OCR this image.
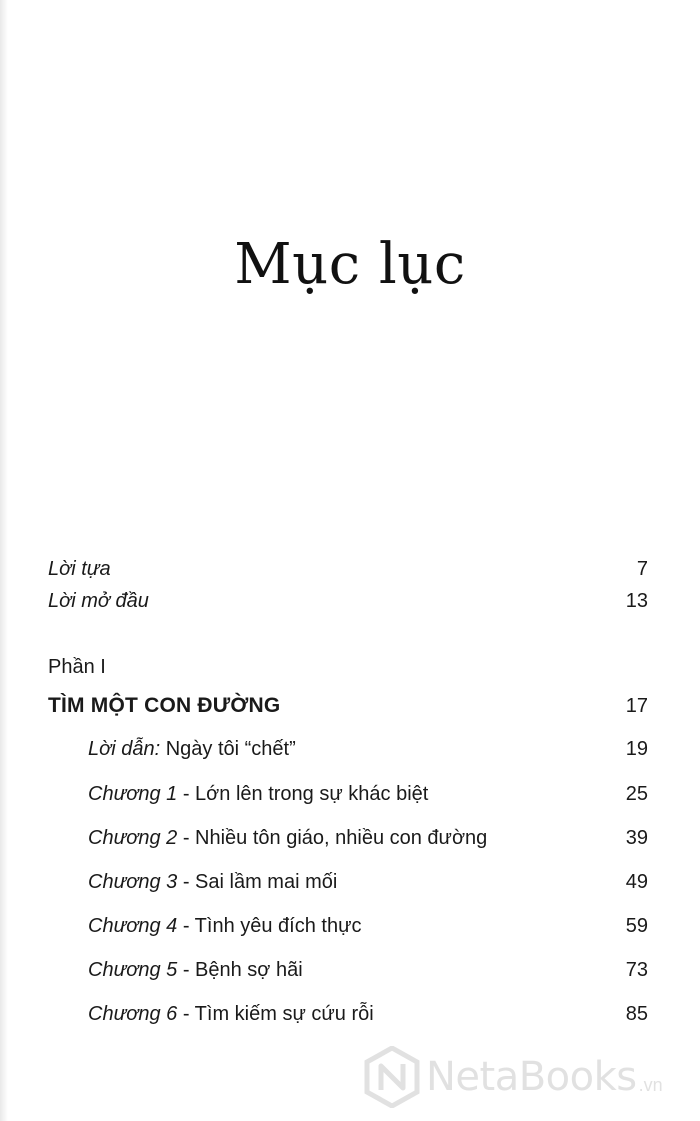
Mục lục
Lời tựa	7
Lời mở đầu	13
Phần I
TÌM MỘT CON ĐƯỜNG	17
Lời dẫn: Ngày tôi “chết”	19
Chương 1 - Lớn lên trong sự khác biệt	25
Chương 2 - Nhiều tôn giáo, nhiều con đường	39
Chương 3 - Sai lầm mai mối	49
Chương 4 - Tình yêu đích thực	59
Chương 5 - Bệnh sợ hãi	73
Chương 6 - Tìm kiếm sự cứu rỗi	85
NetaBooks .vn
